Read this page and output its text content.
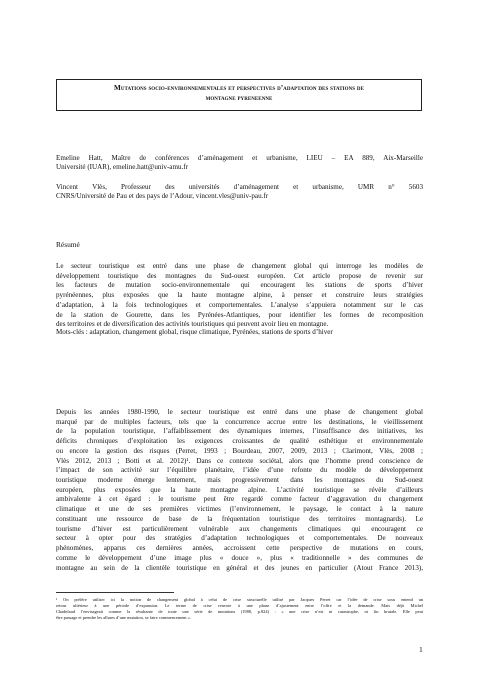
Mutations socio-environnementales et perspectives d’adaptation des stations de
montagne pyreneenne
Emeline Hatt, Maître de conférences d’aménagement et urbanisme, LIEU – EA 889, Aix-Marseille
Université (IUAR), emeline.hatt@univ-amu.fr
Vincent Vlès, Professeur des universités d’aménagement et urbanisme, UMR n° 5603
CNRS/Université de Pau et des pays de l’Adour, vincent.vles@univ-pau.fr
Résumé
Le secteur touristique est entré dans une phase de changement global qui interroge les modèles de
développement touristique des montagnes du Sud-ouest européen. Cet article propose de revenir sur
les facteurs de mutation socio-environnementale qui encouragent les stations de sports d’hiver
pyrénéennes, plus exposées que la haute montagne alpine, à penser et construire leurs stratégies
d’adaptation, à la fois technologiques et comportementales. L’analyse s’appuiera notamment sur le cas
de la station de Gourette, dans les Pyrénées-Atlantiques, pour identifier les formes de recomposition
des territoires et de diversification des activités touristiques qui peuvent avoir lieu en montagne.
Mots-clés : adaptation, changement global, risque climatique, Pyrénées, stations de sports d’hiver
Depuis les années 1980-1990, le secteur touristique est entré dans une phase de changement global
marqué par de multiples facteurs, tels que la concurrence accrue entre les destinations, le vieillissement
de la population touristique, l’affaiblissement des dynamiques internes, l’insuffisance des initiatives, les
déficits chroniques d’exploitation les exigences croissantes de qualité esthétique et environnementale
ou encore la gestion des risques (Perret, 1993 ; Bourdeau, 2007, 2009, 2013 ; Clarimont, Vlès, 2008 ;
Vlès 2012, 2013 ; Botti et al. 2012)¹. Dans ce contexte sociétal, alors que l’homme prend conscience de
l’impact de son activité sur l’équilibre planétaire, l’idée d’une refonte du modèle de développement
touristique moderne émerge lentement, mais progressivement dans les montagnes du Sud-ouest
européen, plus exposées que la haute montagne alpine. L’activité touristique se révèle d’ailleurs
ambivalente à cet égard : le tourisme peut être regardé comme facteur d’aggravation du changement
climatique et une de ses premières victimes (l’environnement, le paysage, le contact à la nature
constituant une ressource de base de la fréquentation touristique des territoires montagnards). Le
tourisme d’hiver est particulièrement vulnérable aux changements climatiques qui encouragent ce
secteur à opter pour des stratégies d’adaptation technologiques et comportementales. De nouveaux
phénomènes, apparus ces dernières années, accroissent cette perspective de mutations en cours,
comme le développement d’une image plus « douce », plus « traditionnelle » des communes de
montagne au sein de la clientèle touristique en général et des jeunes en particulier (Atout France 2013),
¹ On préfère utiliser ici la notion de changement global à celui de crise structurelle utilisé par Jacques Perret car l’idée de crise sous entend un
retour ultérieur à une période d’expansion. Le terme de crise renvoie à une phase d’ajustement entre l’offre et la demande. Mais déjà Michel
Chadefaud l’envisageait comme la résultante de toute une série de mutations (1988, p.824) : « une crise n’est ni catastrophe, ni fin brutale. Elle peut
être passage et prendre les allures d’une mutation, se faire commencement ».
1
